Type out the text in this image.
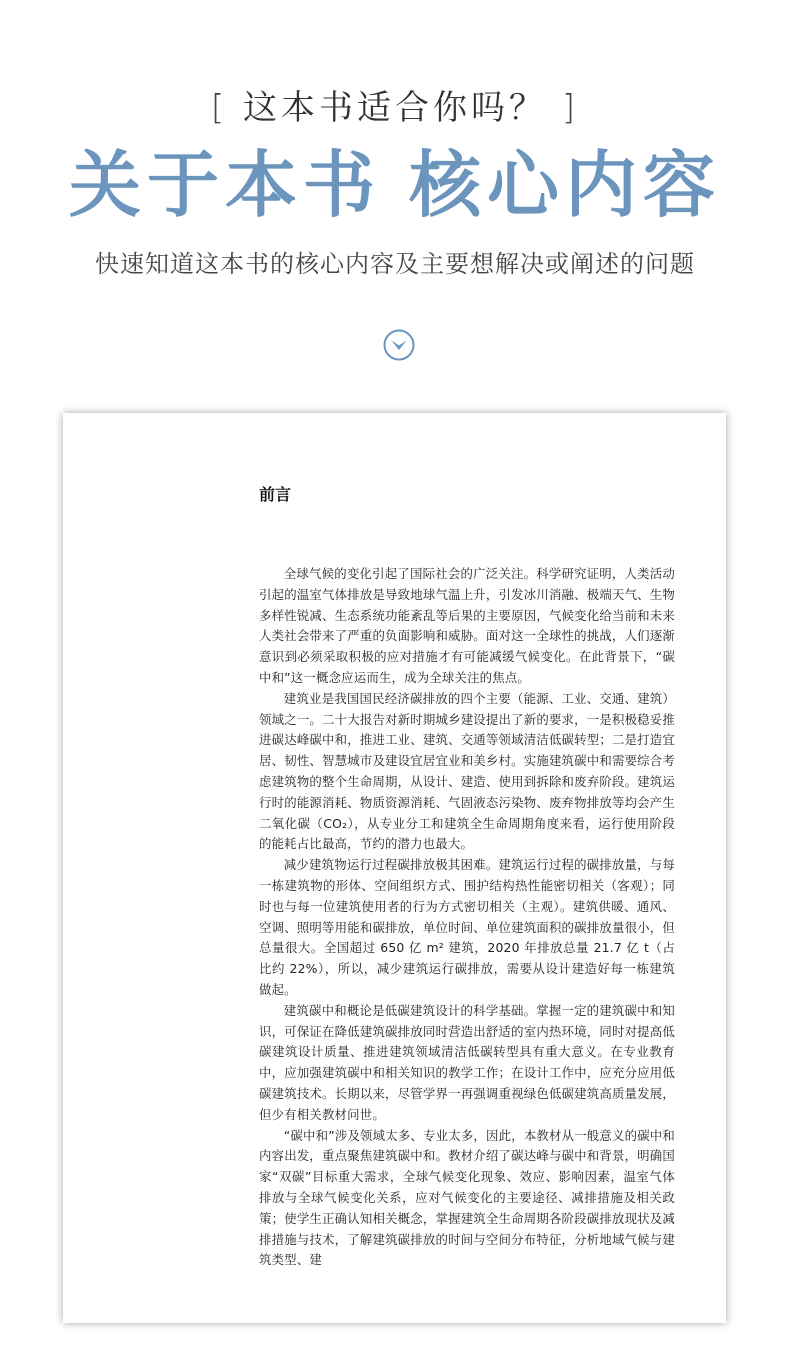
[ 这本书适合你吗？ ]
关于本书 核心内容
快速知道这本书的核心内容及主要想解决或阐述的问题
前言

全球气候的变化引起了国际社会的广泛关注。科学研究证明，人类活动引起的温室气体排放是导致地球气温上升，引发冰川消融、极端天气、生物多样性锐减、生态系统功能紊乱等后果的主要原因，气候变化给当前和未来人类社会带来了严重的负面影响和威胁。面对这一全球性的挑战，人们逐渐意识到必须采取积极的应对措施才有可能减缓气候变化。在此背景下，“碳中和”这一概念应运而生，成为全球关注的焦点。

建筑业是我国国民经济碳排放的四个主要（能源、工业、交通、建筑）领域之一。二十大报告对新时期城乡建设提出了新的要求，一是积极稳妥推进碳达峰碳中和，推进工业、建筑、交通等领域清洁低碳转型；二是打造宜居、韧性、智慧城市及建设宜居宜业和美乡村。实施建筑碳中和需要综合考虑建筑物的整个生命周期，从设计、建造、使用到拆除和废弃阶段。建筑运行时的能源消耗、物质资源消耗、气固液态污染物、废弃物排放等均会产生二氧化碳（CO₂），从专业分工和建筑全生命周期角度来看，运行使用阶段的能耗占比最高，节约的潜力也最大。

减少建筑物运行过程碳排放极其困难。建筑运行过程的碳排放量，与每一栋建筑物的形体、空间组织方式、围护结构热性能密切相关（客观）；同时也与每一位建筑使用者的行为方式密切相关（主观）。建筑供暖、通风、空调、照明等用能和碳排放，单位时间、单位建筑面积的碳排放量很小，但总量很大。全国超过 650 亿 m² 建筑，2020 年排放总量 21.7 亿 t（占比约 22%），所以，减少建筑运行碳排放，需要从设计建造好每一栋建筑做起。

建筑碳中和概论是低碳建筑设计的科学基础。掌握一定的建筑碳中和知识，可保证在降低建筑碳排放同时营造出舒适的室内热环境，同时对提高低碳建筑设计质量、推进建筑领域清洁低碳转型具有重大意义。在专业教育中，应加强建筑碳中和相关知识的教学工作；在设计工作中，应充分应用低碳建筑技术。长期以来，尽管学界一再强调重视绿色低碳建筑高质量发展，但少有相关教材问世。

“碳中和”涉及领域太多、专业太多，因此，本教材从一般意义的碳中和内容出发，重点聚焦建筑碳中和。教材介绍了碳达峰与碳中和背景，明确国家“双碳”目标重大需求，全球气候变化现象、效应、影响因素，温室气体排放与全球气候变化关系，应对气候变化的主要途径、减排措施及相关政策；使学生正确认知相关概念，掌握建筑全生命周期各阶段碳排放现状及减排措施与技术，了解建筑碳排放的时间与空间分布特征，分析地域气候与建筑类型、建
